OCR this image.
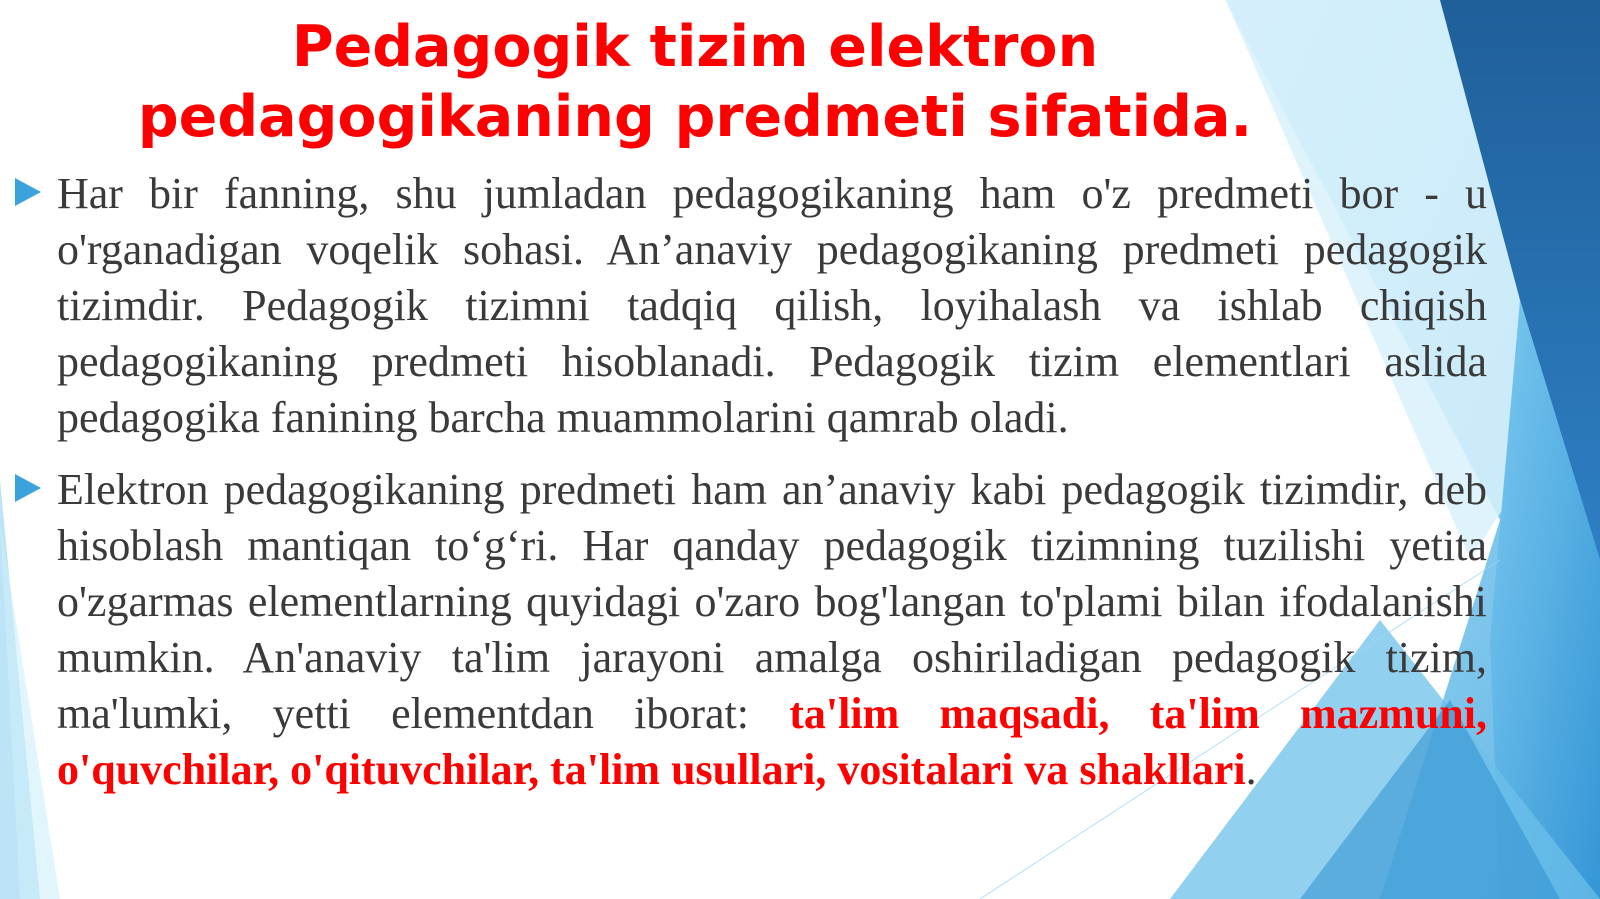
Pedagogik tizim elektron
pedagogikaning predmeti sifatida.
Har bir fanning, shu jumladan pedagogikaning ham o'z predmeti bor - u o'rganadigan voqelik sohasi. An’anaviy pedagogikaning predmeti pedagogik tizimdir. Pedagogik tizimni tadqiq qilish, loyihalash va ishlab chiqish pedagogikaning predmeti hisoblanadi. Pedagogik tizim elementlari aslida pedagogika fanining barcha muammolarini qamrab oladi.
Elektron pedagogikaning predmeti ham an’anaviy kabi pedagogik tizimdir, deb hisoblash mantiqan to‘g‘ri. Har qanday pedagogik tizimning tuzilishi yetita o'zgarmas elementlarning quyidagi o'zaro bog'langan to'plami bilan ifodalanishi mumkin. An'anaviy ta'lim jarayoni amalga oshiriladigan pedagogik tizim, ma'lumki, yetti elementdan iborat: ta'lim maqsadi, ta'lim mazmuni, o'quvchilar, o'qituvchilar, ta'lim usullari, vositalari va shakllari.
